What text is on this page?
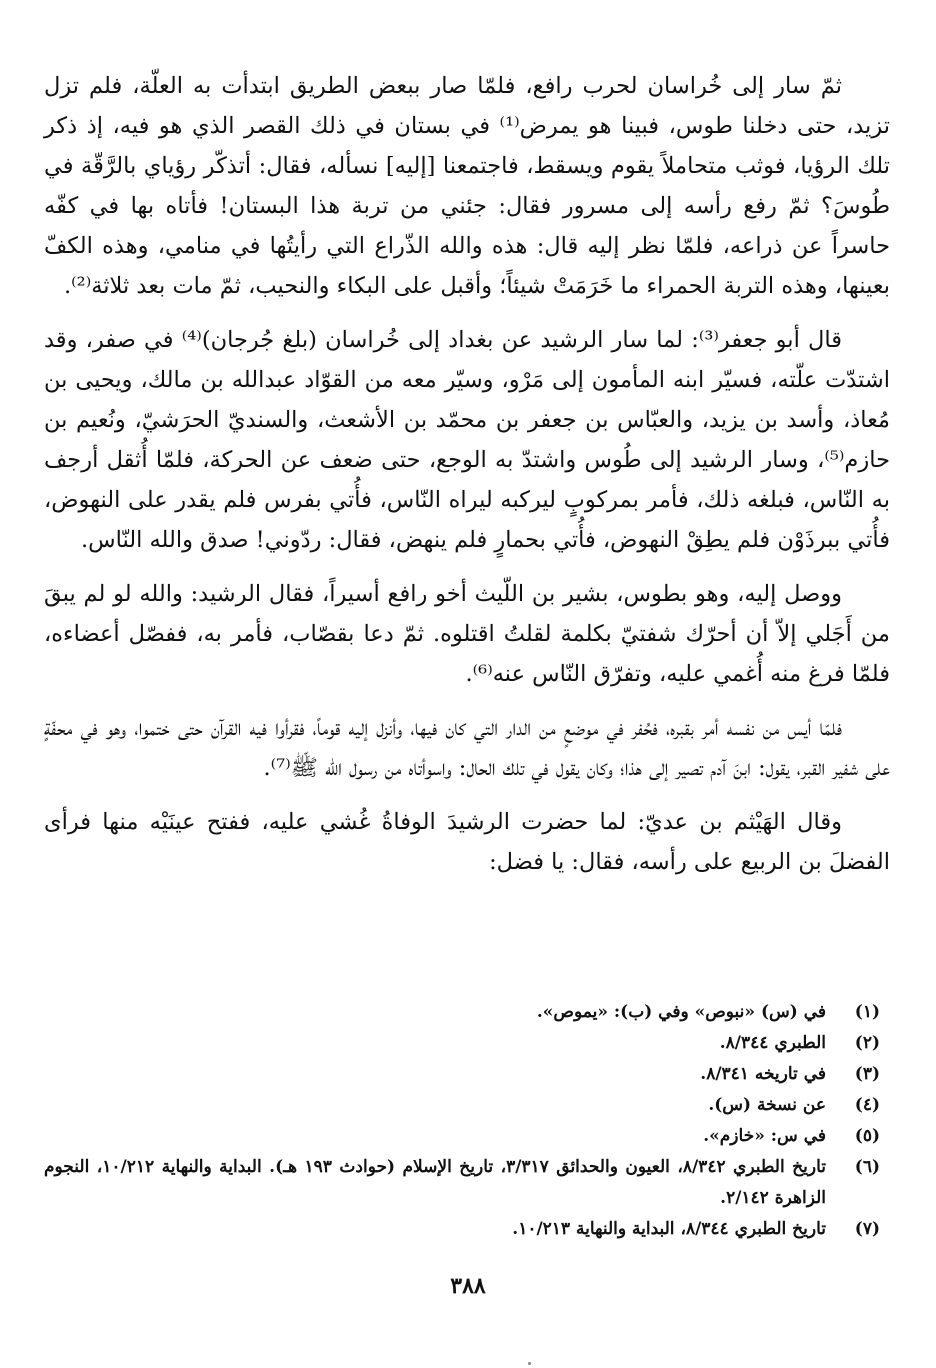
ثمّ سار إلى خُراسان لحرب رافع، فلمّا صار ببعض الطريق ابتدأت به العلّة، فلم تزل تزيد، حتى دخلنا طوس، فبينا هو يمرض⁽¹⁾ في بستان في ذلك القصر الذي هو فيه، إذ ذكر تلك الرؤيا، فوثب متحاملاً يقوم ويسقط، فاجتمعنا [إليه] نسأله، فقال: أتذكّر رؤياي بالرَّقّة في طُوسَ؟ ثمّ رفع رأسه إلى مسرور فقال: جئني من تربة هذا البستان! فأتاه بها في كفّه حاسراً عن ذراعه، فلمّا نظر إليه قال: هذه والله الذّراع التي رأيتُها في منامي، وهذه الكفّ بعينها، وهذه التربة الحمراء ما خَرَمَتْ شيئاً؛ وأقبل على البكاء والنحيب، ثمّ مات بعد ثلاثة⁽²⁾.

قال أبو جعفر⁽³⁾: لما سار الرشيد عن بغداد إلى خُراسان (بلغ جُرجان)⁽⁴⁾ في صفر، وقد اشتدّت علّته، فسيّر ابنه المأمون إلى مَرْو، وسيّر معه من القوّاد عبدالله بن مالك، ويحيى بن مُعاذ، وأسد بن يزيد، والعبّاس بن جعفر بن محمّد بن الأشعث، والسنديّ الحرَشيّ، ونُعيم بن حازم⁽⁵⁾، وسار الرشيد إلى طُوس واشتدّ به الوجع، حتى ضعف عن الحركة، فلمّا أُثقل أرجف به النّاس، فبلغه ذلك، فأمر بمركوبٍ ليركبه ليراه النّاس، فأُتي بفرس فلم يقدر على النهوض، فأُتي ببرذَوْن فلم يطِقْ النهوض، فأُتي بحمارٍ فلم ينهض، فقال: ردّوني! صدق والله النّاس.

ووصل إليه، وهو بطوس، بشير بن اللّيث أخو رافع أسيراً، فقال الرشيد: والله لو لم يبقَ من أَجَلي إلاّ أن أحرّك شفتيّ بكلمة لقلتُ اقتلوه. ثمّ دعا بقصّاب، فأمر به، ففصّل أعضاءه، فلمّا فرغ منه أُغمي عليه، وتفرّق النّاس عنه⁽⁶⁾.

فلمّا أيس من نفسه أمر بقبره، فحُفر في موضعٍ من الدار التي كان فيها، وأنزل إليه قوماً، فقرأوا فيه القرآن حتى ختموا، وهو في محفّةٍ على شفير القبر، يقول: ابنَ آدم تصير إلى هذا؛ وكان يقول في تلك الحال: واسوأتاه من رسول الله ﷺ⁽⁷⁾.

وقال الهَيْثم بن عديّ: لما حضرت الرشيدَ الوفاةُ غُشي عليه، ففتح عينَيْه منها فرأى الفضلَ بن الربيع على رأسه، فقال: يا فضل:

(١)
في (س) «نبوص» وفي (ب): «يموص».
(٢)
الطبري ٨/٣٤٤.
(٣)
في تاريخه ٨/٣٤١.
(٤)
عن نسخة (س).
(٥)
في س: «خازم».
(٦)
تاريخ الطبري ٨/٣٤٢، العيون والحدائق ٣/٣١٧، تاريخ الإسلام (حوادث ١٩٣ هـ). البداية والنهاية ١٠/٢١٢، النجوم الزاهرة ٢/١٤٢.
(٧)
تاريخ الطبري ٨/٣٤٤، البداية والنهاية ١٠/٢١٣.
٣٨٨
